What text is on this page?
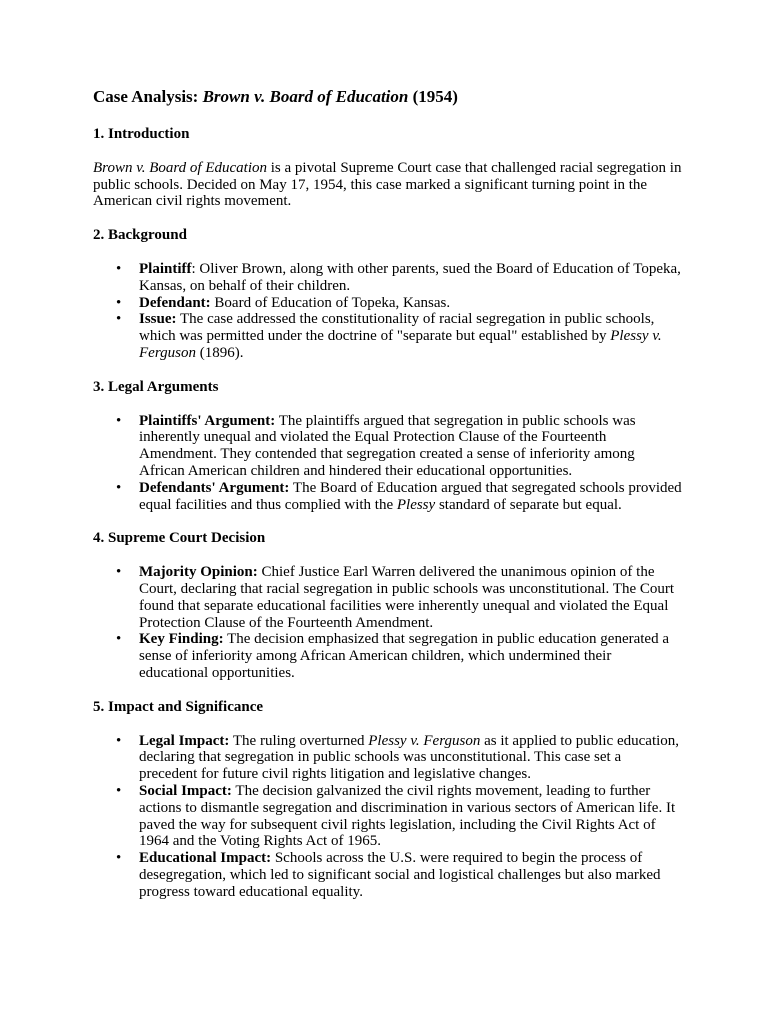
Case Analysis: Brown v. Board of Education (1954)
1. Introduction

Brown v. Board of Education is a pivotal Supreme Court case that challenged racial segregation in public schools. Decided on May 17, 1954, this case marked a significant turning point in the American civil rights movement.

2. Background
• Plaintiff: Oliver Brown, along with other parents, sued the Board of Education of Topeka, Kansas, on behalf of their children.
• Defendant: Board of Education of Topeka, Kansas.
• Issue: The case addressed the constitutionality of racial segregation in public schools, which was permitted under the doctrine of "separate but equal" established by Plessy v. Ferguson (1896).
3. Legal Arguments
• Plaintiffs' Argument: The plaintiffs argued that segregation in public schools was inherently unequal and violated the Equal Protection Clause of the Fourteenth Amendment. They contended that segregation created a sense of inferiority among African American children and hindered their educational opportunities.
• Defendants' Argument: The Board of Education argued that segregated schools provided equal facilities and thus complied with the Plessy standard of separate but equal.
4. Supreme Court Decision
• Majority Opinion: Chief Justice Earl Warren delivered the unanimous opinion of the Court, declaring that racial segregation in public schools was unconstitutional. The Court found that separate educational facilities were inherently unequal and violated the Equal Protection Clause of the Fourteenth Amendment.
• Key Finding: The decision emphasized that segregation in public education generated a sense of inferiority among African American children, which undermined their educational opportunities.
5. Impact and Significance
• Legal Impact: The ruling overturned Plessy v. Ferguson as it applied to public education, declaring that segregation in public schools was unconstitutional. This case set a precedent for future civil rights litigation and legislative changes.
• Social Impact: The decision galvanized the civil rights movement, leading to further actions to dismantle segregation and discrimination in various sectors of American life. It paved the way for subsequent civil rights legislation, including the Civil Rights Act of 1964 and the Voting Rights Act of 1965.
• Educational Impact: Schools across the U.S. were required to begin the process of desegregation, which led to significant social and logistical challenges but also marked progress toward educational equality.
